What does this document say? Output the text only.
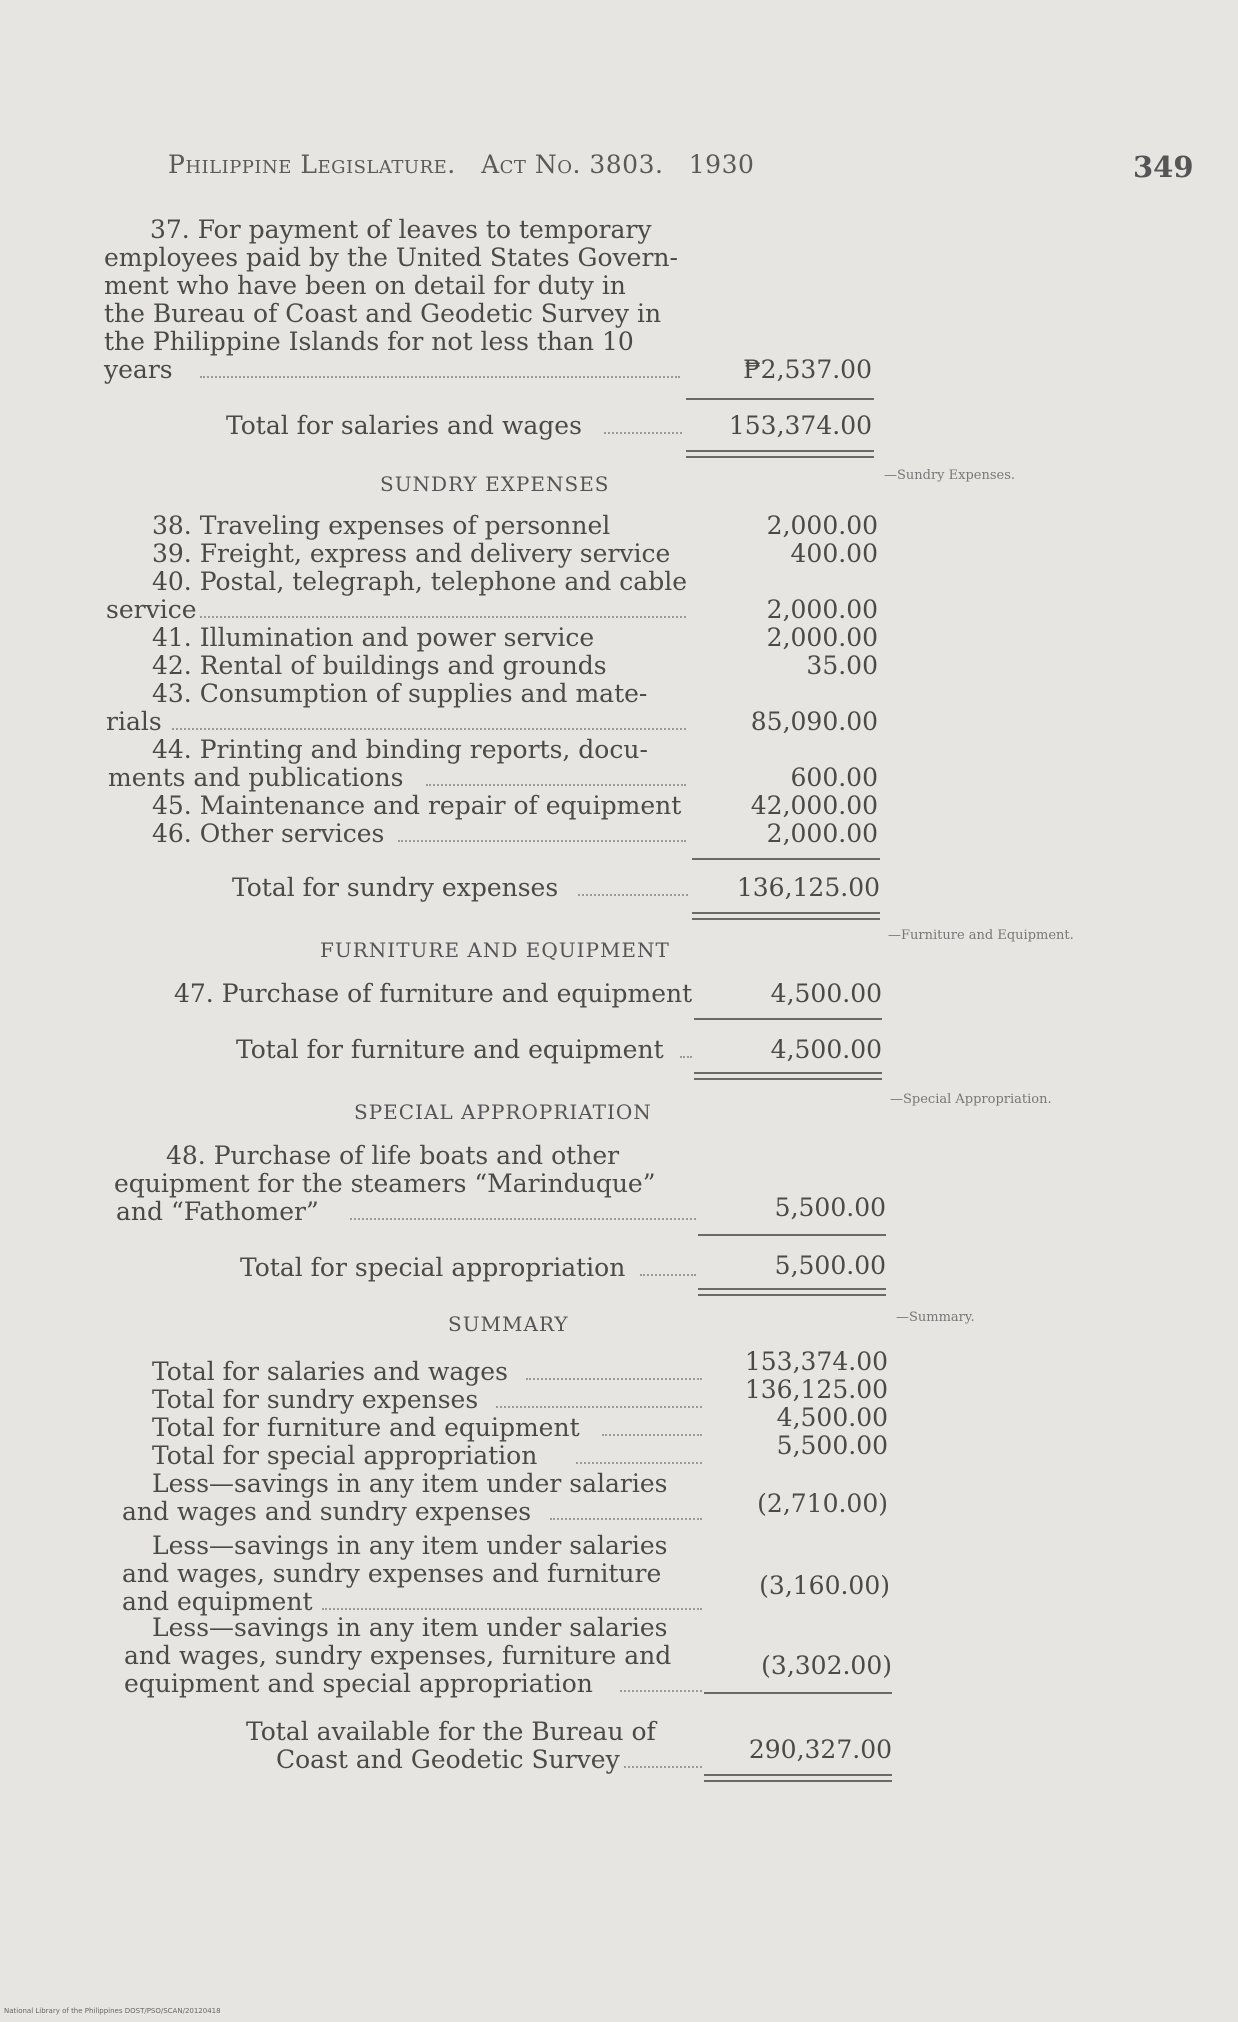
Philippine Legislature. Act No. 3803. 1930	349
37. For payment of leaves to temporary
employees paid by the United States Govern-
ment who have been on detail for duty in
the Bureau of Coast and Geodetic Survey in
the Philippine Islands for not less than 10
years	₱2,537.00
Total for salaries and wages	153,374.00
SUNDRY EXPENSES	—Sundry Expenses.
38. Traveling expenses of personnel	2,000.00
39. Freight, express and delivery service	400.00
40. Postal, telegraph, telephone and cable
service	2,000.00
41. Illumination and power service	2,000.00
42. Rental of buildings and grounds	35.00
43. Consumption of supplies and mate-
rials	85,090.00
44. Printing and binding reports, docu-
ments and publications	600.00
45. Maintenance and repair of equipment	42,000.00
46. Other services	2,000.00
Total for sundry expenses	136,125.00
FURNITURE AND EQUIPMENT
—Furniture and Equipment.
47. Purchase of furniture and equipment	4,500.00
Total for furniture and equipment	4,500.00
SPECIAL APPROPRIATION
—Special Appropriation.
48. Purchase of life boats and other
equipment for the steamers “Marinduque”
and “Fathomer”	5,500.00
Total for special appropriation	5,500.00
SUMMARY	—Summary.
Total for salaries and wages	153,374.00
Total for sundry expenses	136,125.00
Total for furniture and equipment	4,500.00
Total for special appropriation	5,500.00
Less—savings in any item under salaries
and wages and sundry expenses	(2,710.00)
Less—savings in any item under salaries
and wages, sundry expenses and furniture
and equipment
(3,160.00)
Less—savings in any item under salaries
and wages, sundry expenses, furniture and
equipment and special appropriation
(3,302.00)
Total available for the Bureau of
Coast and Geodetic Survey	290,327.00
National Library of the Philippines DOST/PSO/SCAN/20120418
